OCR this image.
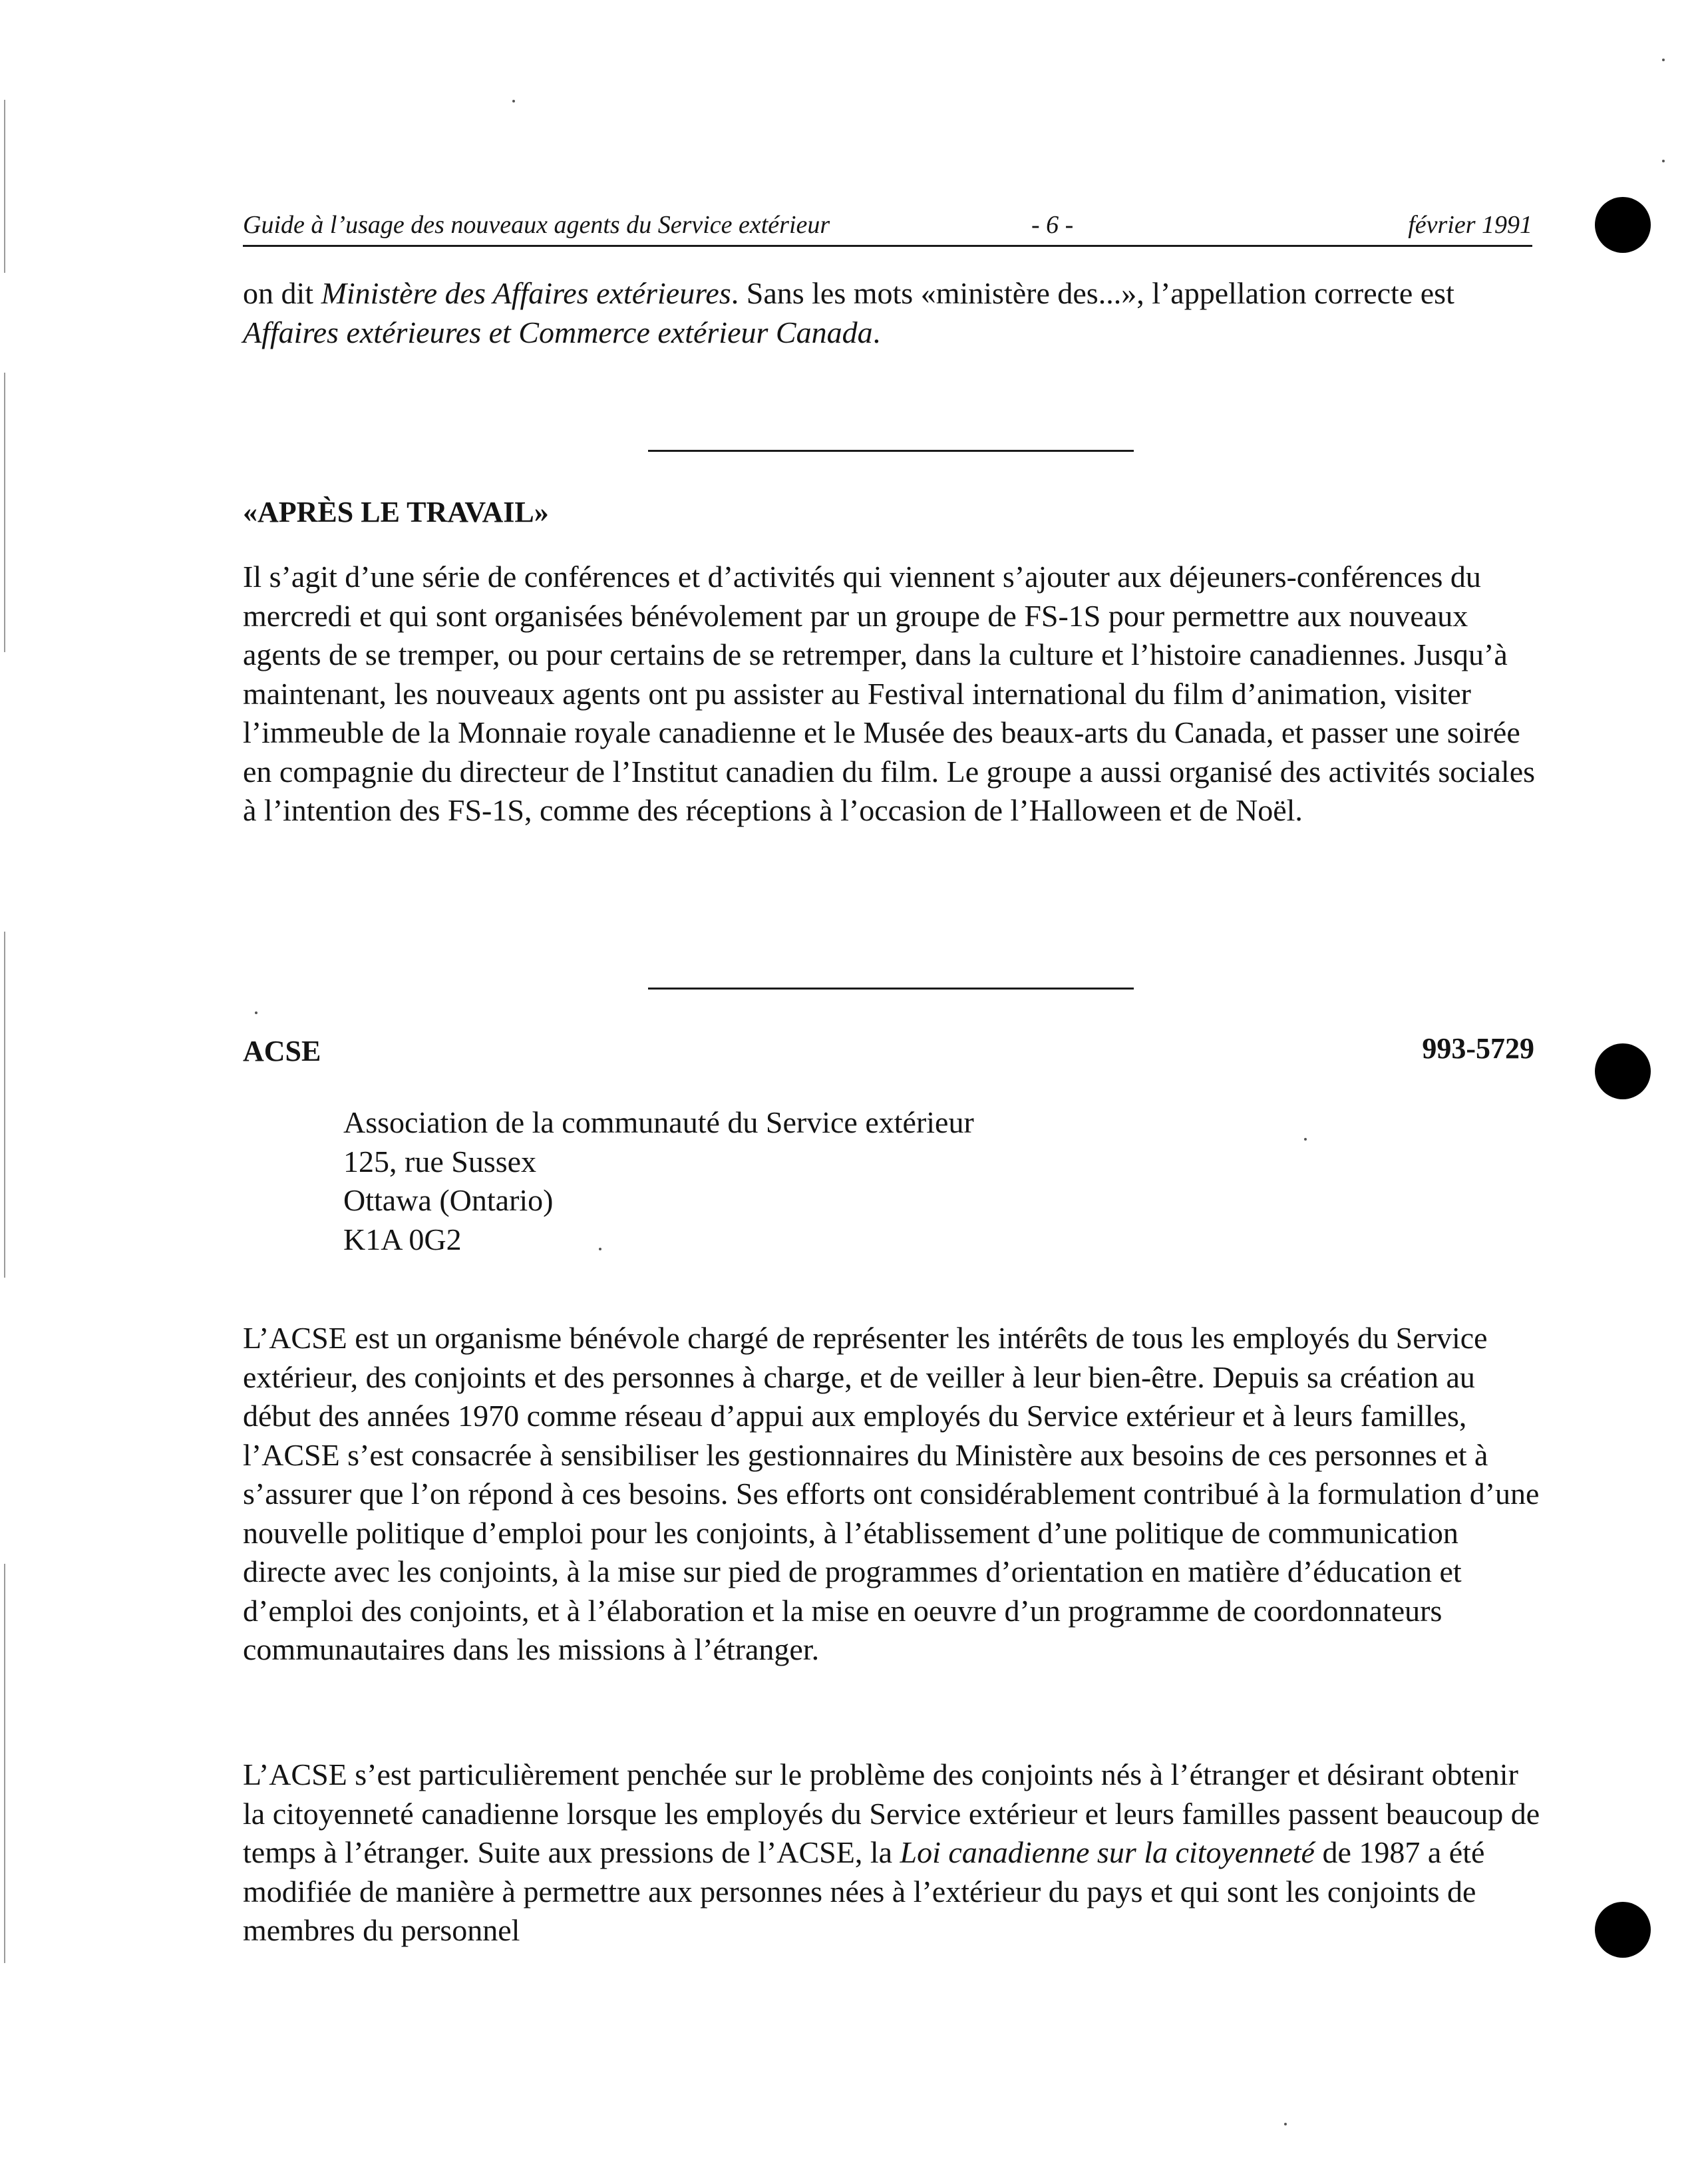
Guide à l’usage des nouveaux agents du Service extérieur	- 6 -	février 1991

on dit Ministère des Affaires extérieures. Sans les mots «ministère des...», l’appellation correcte est Affaires extérieures et Commerce extérieur Canada.

«APRÈS LE TRAVAIL»

Il s’agit d’une série de conférences et d’activités qui viennent s’ajouter aux déjeuners-conférences du mercredi et qui sont organisées bénévolement par un groupe de FS-1S pour permettre aux nouveaux agents de se tremper, ou pour certains de se retremper, dans la culture et l’histoire canadiennes. Jusqu’à maintenant, les nouveaux agents ont pu assister au Festival international du film d’animation, visiter l’immeuble de la Monnaie royale canadienne et le Musée des beaux-arts du Canada, et passer une soirée en compagnie du directeur de l’Institut canadien du film. Le groupe a aussi organisé des activités sociales à l’intention des FS-1S, comme des réceptions à l’occasion de l’Halloween et de Noël.

ACSE	993-5729
Association de la communauté du Service extérieur
125, rue Sussex
Ottawa (Ontario)
K1A 0G2

L’ACSE est un organisme bénévole chargé de représenter les intérêts de tous les employés du Service extérieur, des conjoints et des personnes à charge, et de veiller à leur bien-être. Depuis sa création au début des années 1970 comme réseau d’appui aux employés du Service extérieur et à leurs familles, l’ACSE s’est consacrée à sensibiliser les gestionnaires du Ministère aux besoins de ces personnes et à s’assurer que l’on répond à ces besoins. Ses efforts ont considérablement contribué à la formulation d’une nouvelle politique d’emploi pour les conjoints, à l’établissement d’une politique de communication directe avec les conjoints, à la mise sur pied de programmes d’orientation en matière d’éducation et d’emploi des conjoints, et à l’élaboration et la mise en oeuvre d’un programme de coordonnateurs communautaires dans les missions à l’étranger.

L’ACSE s’est particulièrement penchée sur le problème des conjoints nés à l’étranger et désirant obtenir la citoyenneté canadienne lorsque les employés du Service extérieur et leurs familles passent beaucoup de temps à l’étranger. Suite aux pressions de l’ACSE, la Loi canadienne sur la citoyenneté de 1987 a été modifiée de manière à permettre aux personnes nées à l’extérieur du pays et qui sont les conjoints de membres du personnel
